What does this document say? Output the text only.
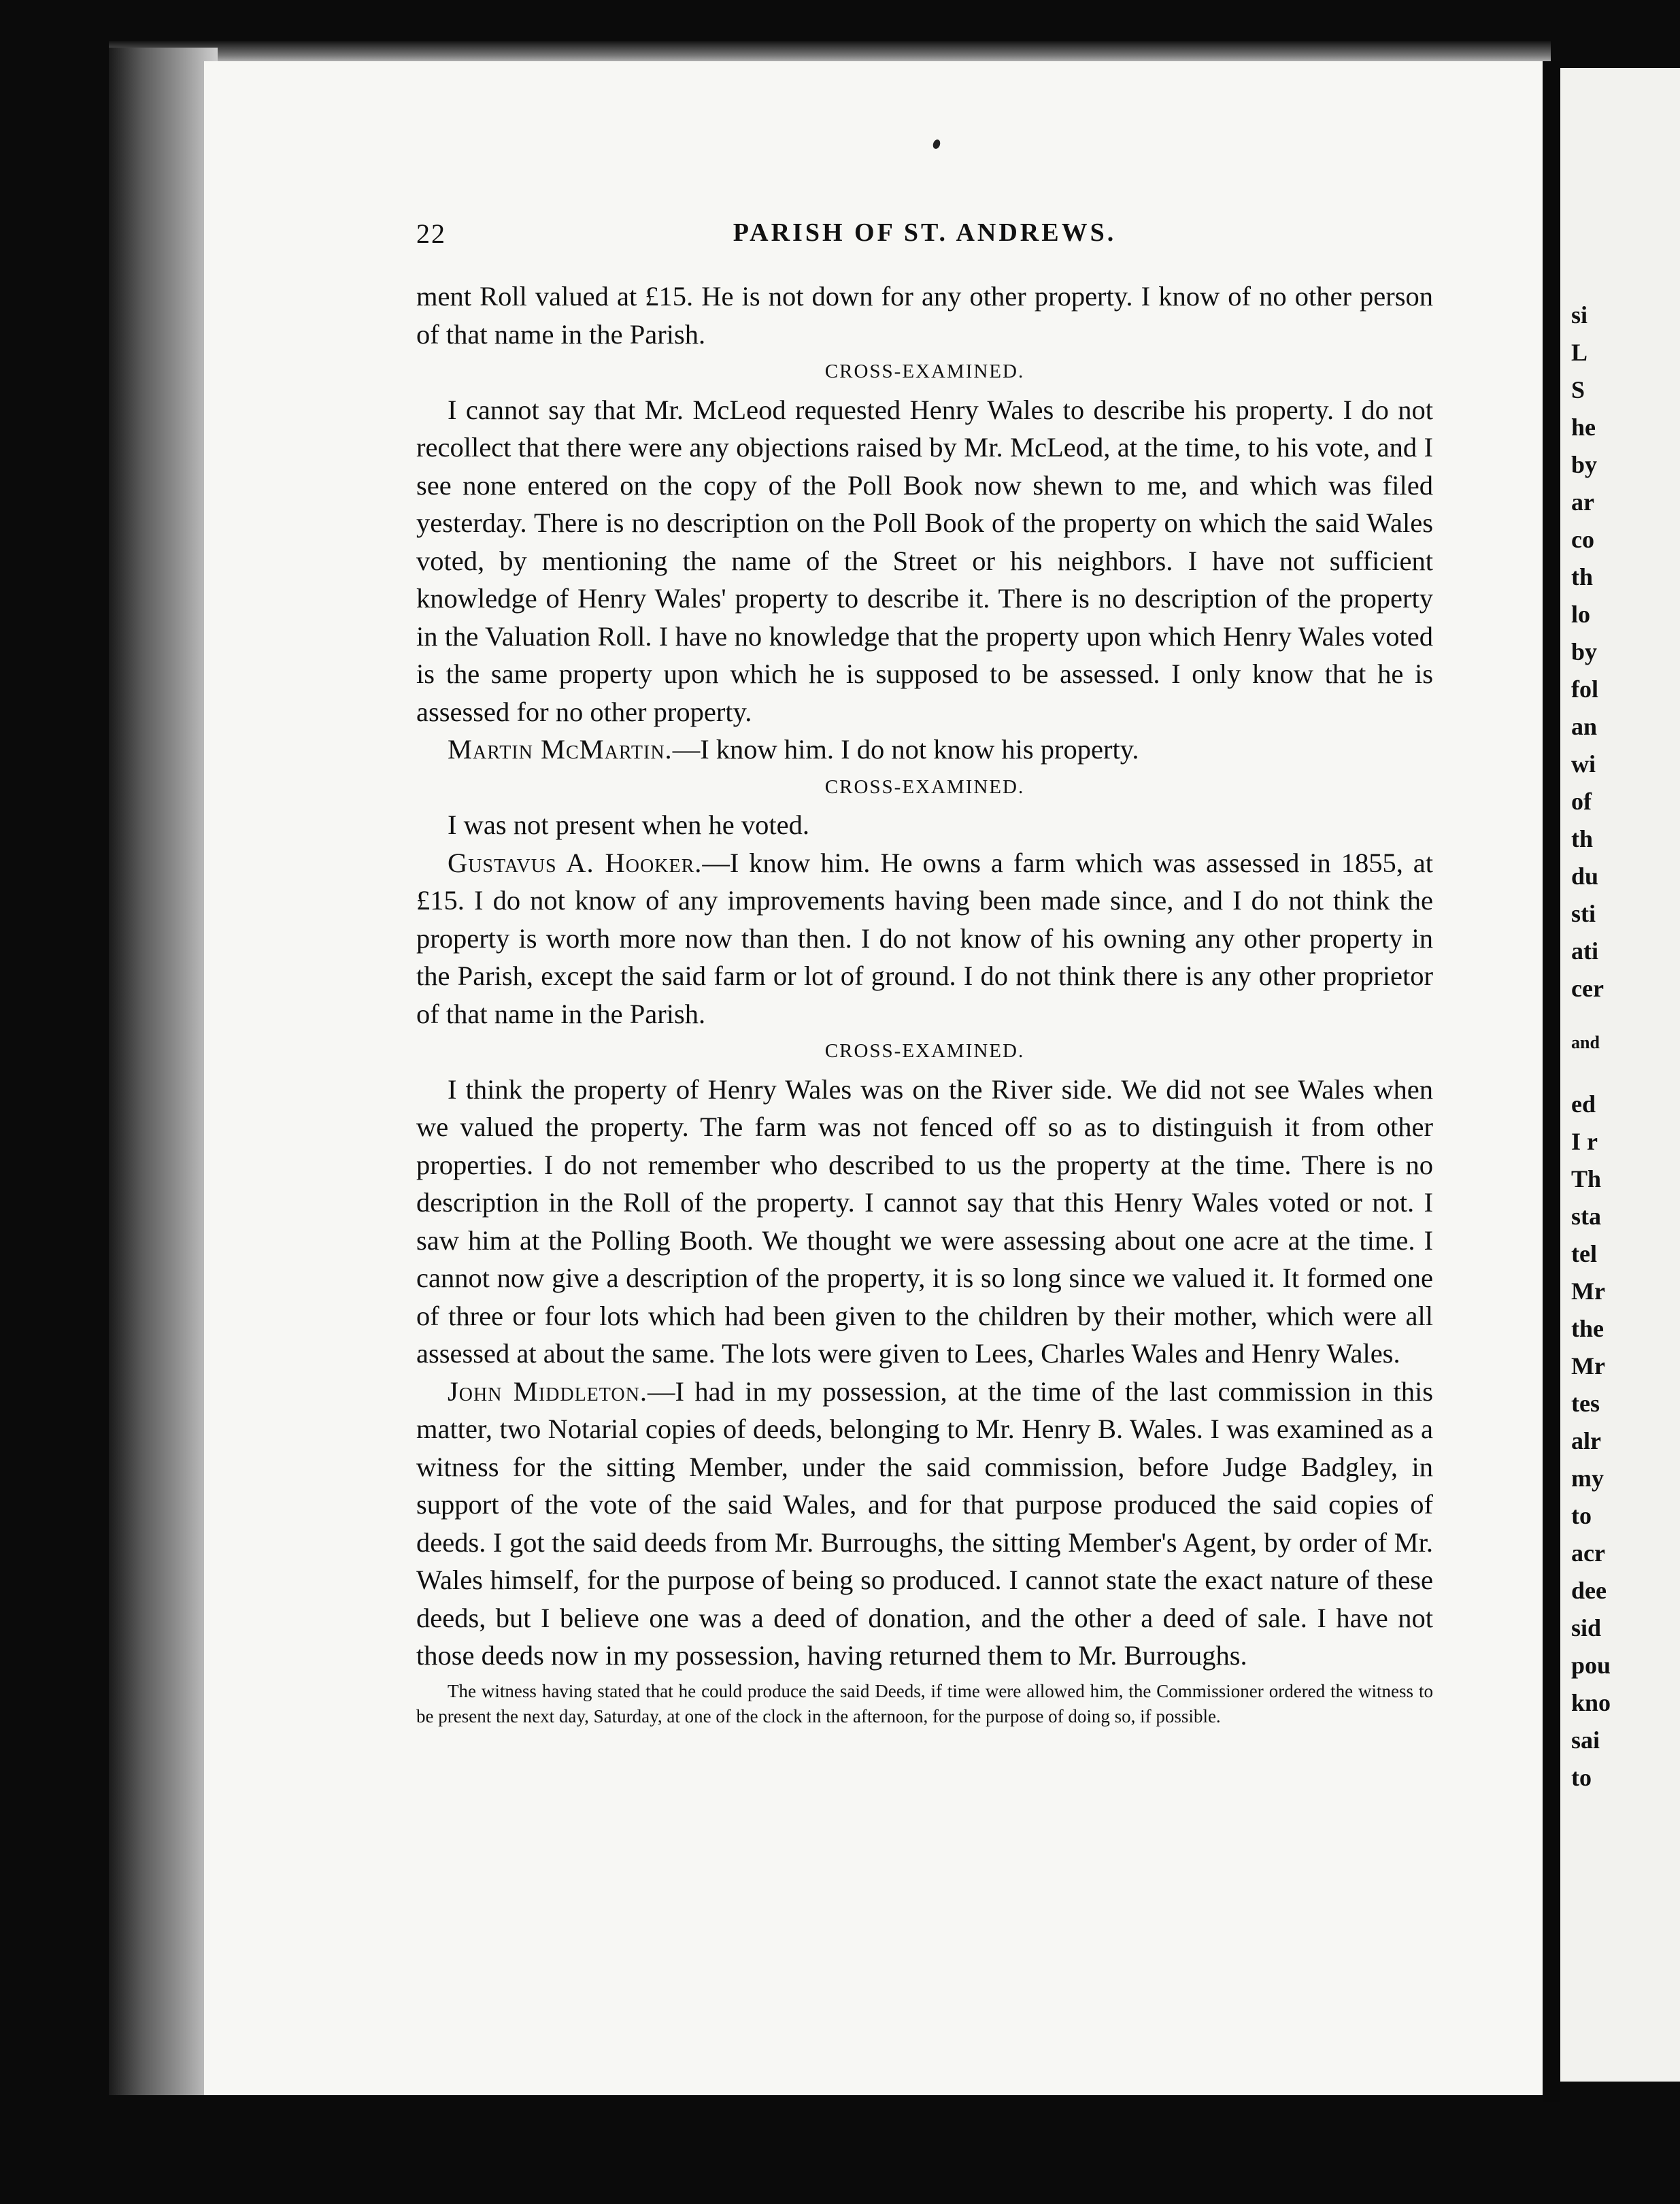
si
L
S
he
by
ar
co
th
lo
by
fol
an
wi
of
th
du
sti
ati
cer
and
ed
I r
Th
sta
tel
Mr
the
Mr
tes
alr
my
to
acr
dee
sid
pou
kno
sai
to
22	PARISH OF ST. ANDREWS.

ment Roll valued at £15. He is not down for any other property. I know of no other person of that name in the Parish.

CROSS-EXAMINED.

I cannot say that Mr. McLeod requested Henry Wales to describe his property. I do not recollect that there were any objections raised by Mr. McLeod, at the time, to his vote, and I see none entered on the copy of the Poll Book now shewn to me, and which was filed yesterday. There is no description on the Poll Book of the property on which the said Wales voted, by mentioning the name of the Street or his neighbors. I have not sufficient knowledge of Henry Wales' property to describe it. There is no description of the property in the Valuation Roll. I have no knowledge that the property upon which Henry Wales voted is the same property upon which he is supposed to be assessed. I only know that he is assessed for no other property.

Martin McMartin.—I know him. I do not know his property.

CROSS-EXAMINED.

I was not present when he voted.

Gustavus A. Hooker.—I know him. He owns a farm which was assessed in 1855, at £15. I do not know of any improvements having been made since, and I do not think the property is worth more now than then. I do not know of his owning any other property in the Parish, except the said farm or lot of ground. I do not think there is any other proprietor of that name in the Parish.

CROSS-EXAMINED.

I think the property of Henry Wales was on the River side. We did not see Wales when we valued the property. The farm was not fenced off so as to distinguish it from other properties. I do not remember who described to us the property at the time. There is no description in the Roll of the property. I cannot say that this Henry Wales voted or not. I saw him at the Polling Booth. We thought we were assessing about one acre at the time. I cannot now give a description of the property, it is so long since we valued it. It formed one of three or four lots which had been given to the children by their mother, which were all assessed at about the same. The lots were given to Lees, Charles Wales and Henry Wales.

John Middleton.—I had in my possession, at the time of the last commission in this matter, two Notarial copies of deeds, belonging to Mr. Henry B. Wales. I was examined as a witness for the sitting Member, under the said commission, before Judge Badgley, in support of the vote of the said Wales, and for that purpose produced the said copies of deeds. I got the said deeds from Mr. Burroughs, the sitting Member's Agent, by order of Mr. Wales himself, for the purpose of being so produced. I cannot state the exact nature of these deeds, but I believe one was a deed of donation, and the other a deed of sale. I have not those deeds now in my possession, having returned them to Mr. Burroughs.

The witness having stated that he could produce the said Deeds, if time were allowed him, the Commissioner ordered the witness to be present the next day, Saturday, at one of the clock in the afternoon, for the purpose of doing so, if possible.
